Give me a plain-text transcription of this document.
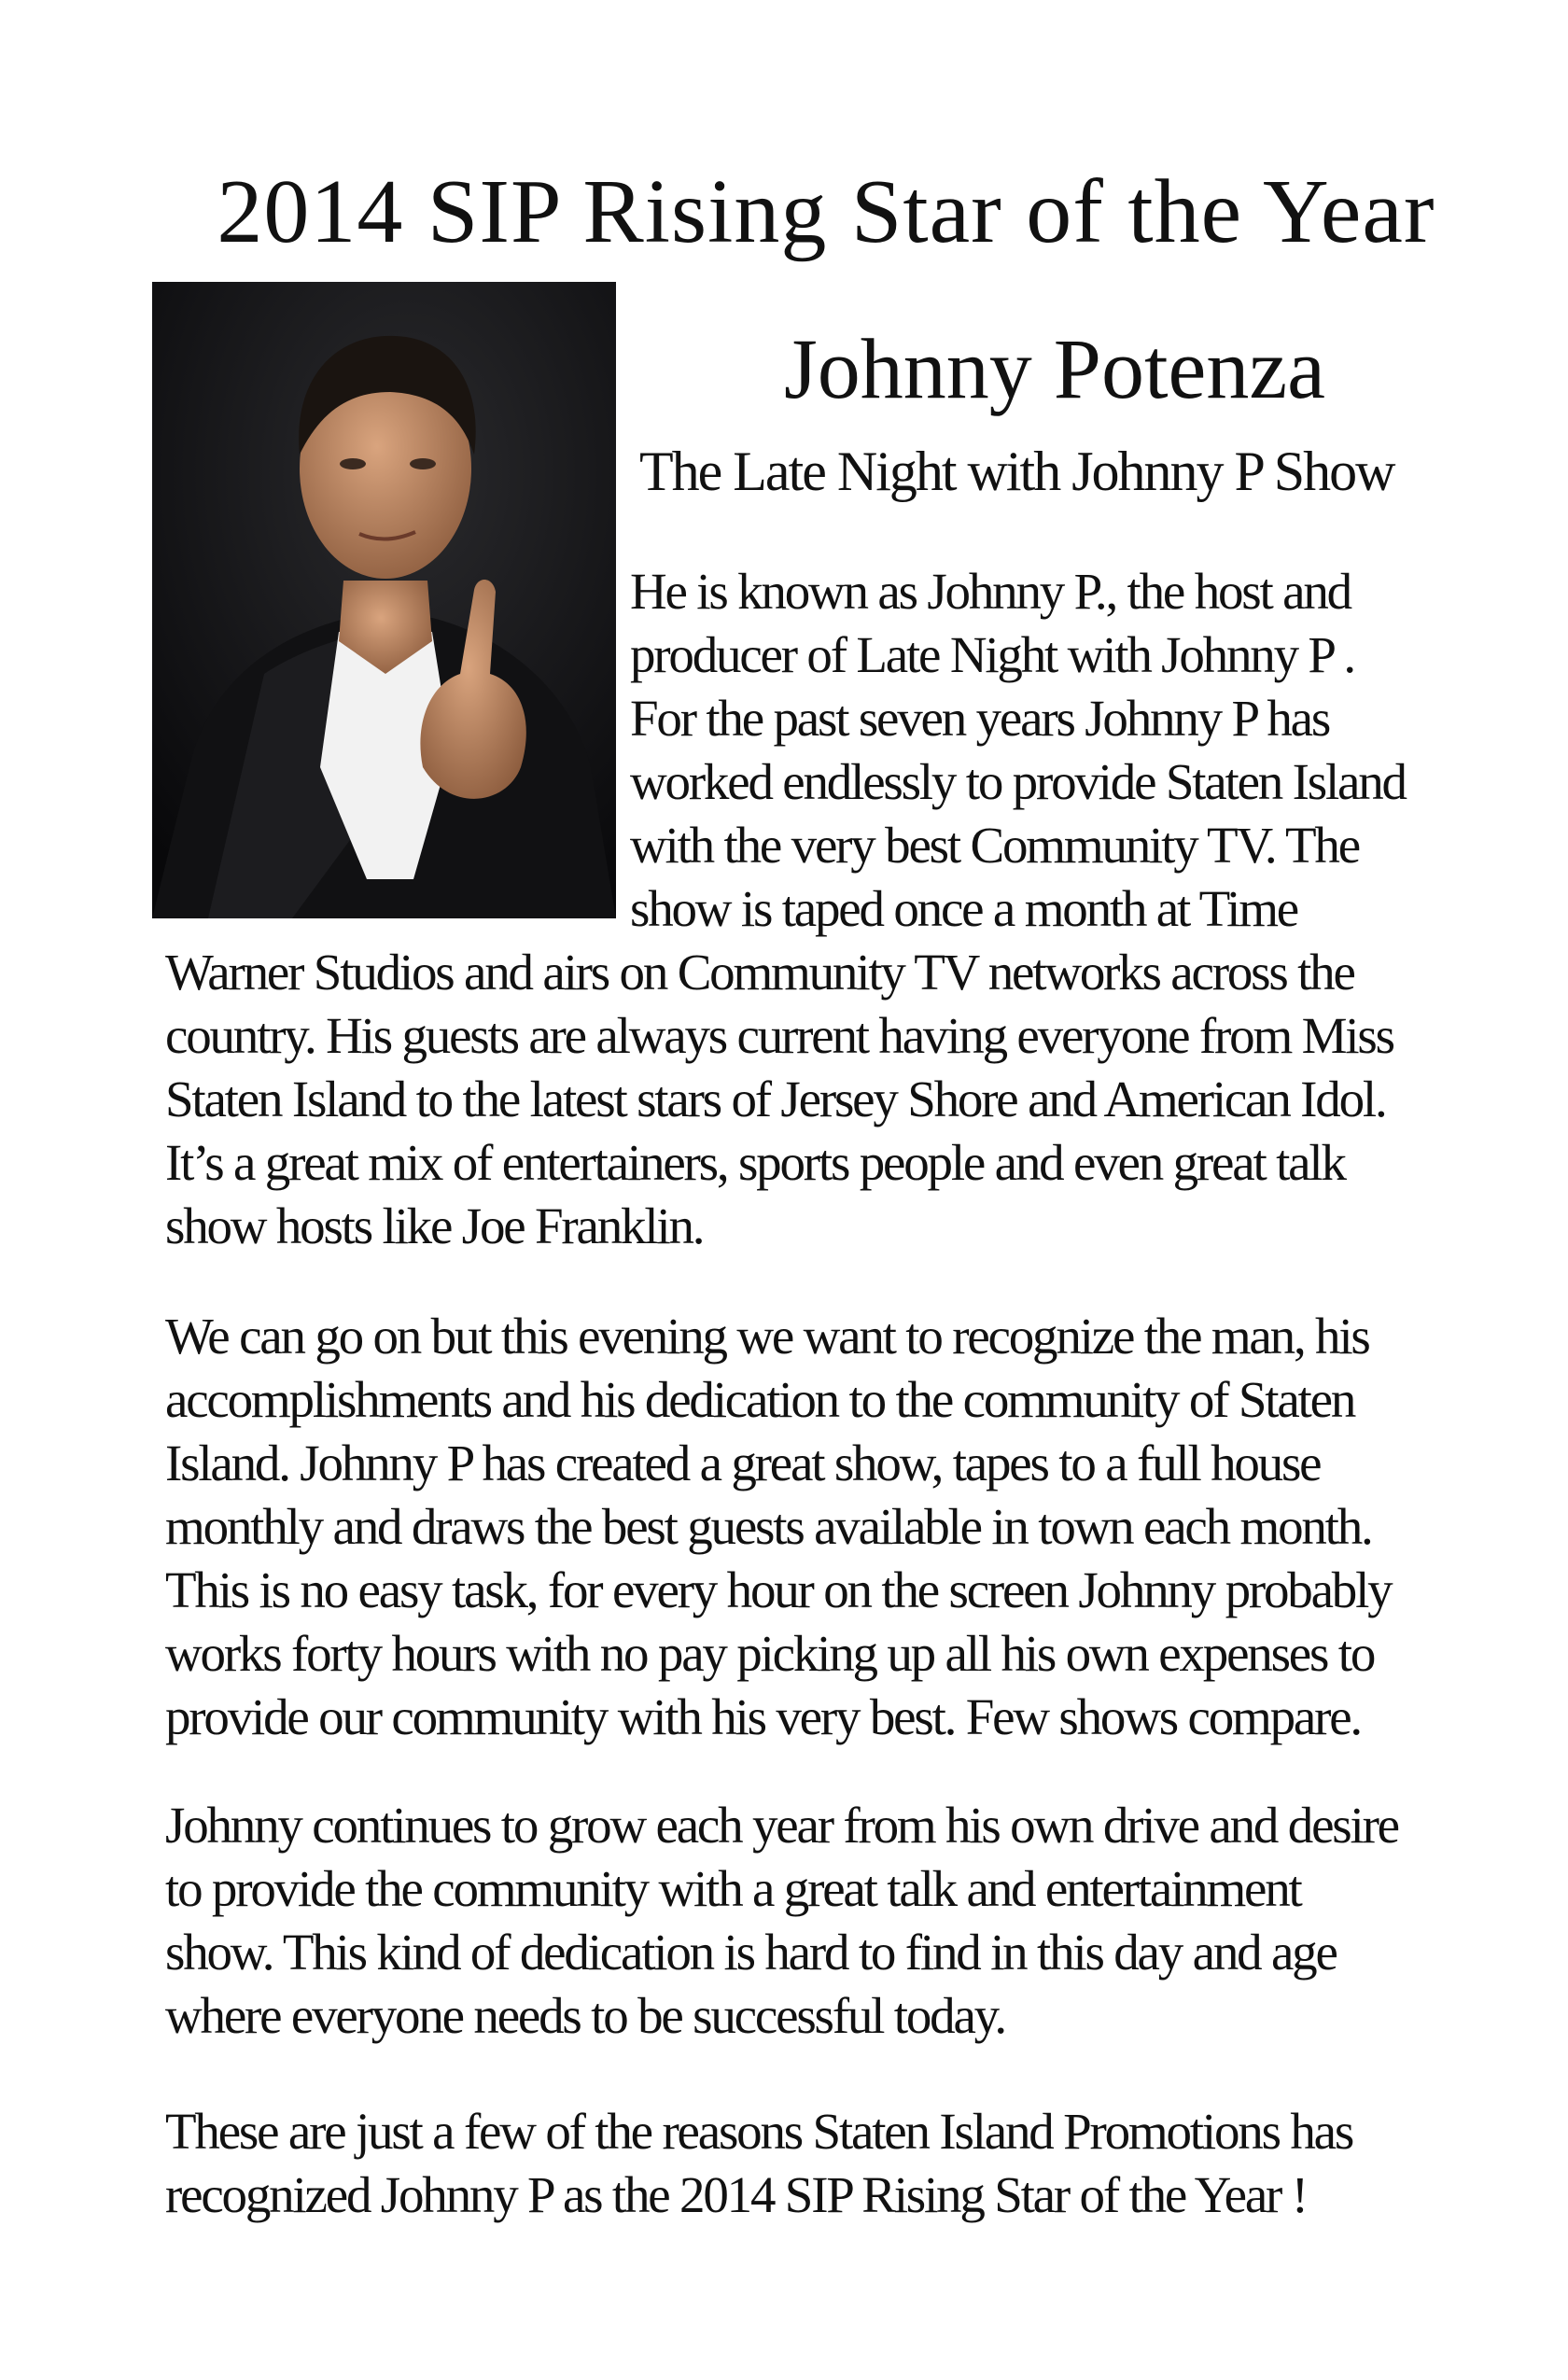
2014 SIP Rising Star of the Year
Johnny Potenza

The Late Night with Johnny P Show

He is known as Johnny P., the host and
producer of Late Night with Johnny P .
For the past seven years Johnny P has
worked endlessly to provide Staten Island
with the very best Community TV. The
show is taped once a month at Time
Warner Studios and airs on Community TV networks across the
country. His guests are always current having everyone from Miss
Staten Island to the latest stars of Jersey Shore and American Idol.
It’s a great mix of entertainers, sports people and even great talk
show hosts like Joe Franklin.
We can go on but this evening we want to recognize the man, his
accomplishments and his dedication to the community of Staten
Island. Johnny P has created a great show, tapes to a full house
monthly and draws the best guests available in town each month.
This is no easy task, for every hour on the screen Johnny probably
works forty hours with no pay picking up all his own expenses to
provide our community with his very best. Few shows compare.
Johnny continues to grow each year from his own drive and desire
to provide the community with a great talk and entertainment
show. This kind of dedication is hard to find in this day and age
where everyone needs to be successful today.
These are just a few of the reasons Staten Island Promotions has
recognized Johnny P as the 2014 SIP Rising Star of the Year !
